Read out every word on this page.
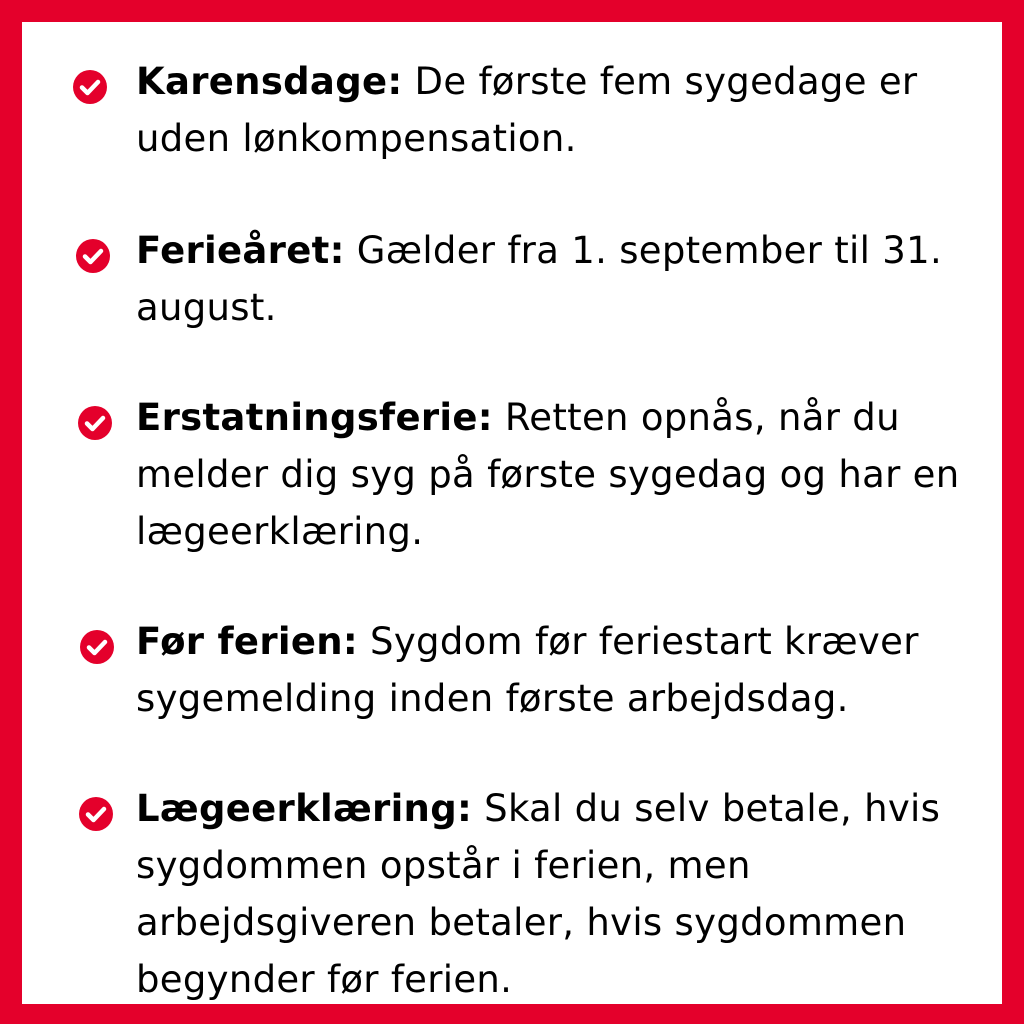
Karensdage: De første fem sygedage er uden lønkompensation.

Ferieåret: Gælder fra 1. september til 31. august.

Erstatningsferie: Retten opnås, når du melder dig syg på første sygedag og har en lægeerklæring.

Før ferien: Sygdom før feriestart kræver sygemelding inden første arbejdsdag.

Lægeerklæring: Skal du selv betale, hvis sygdommen opstår i ferien, men arbejdsgiveren betaler, hvis sygdommen begynder før ferien.
